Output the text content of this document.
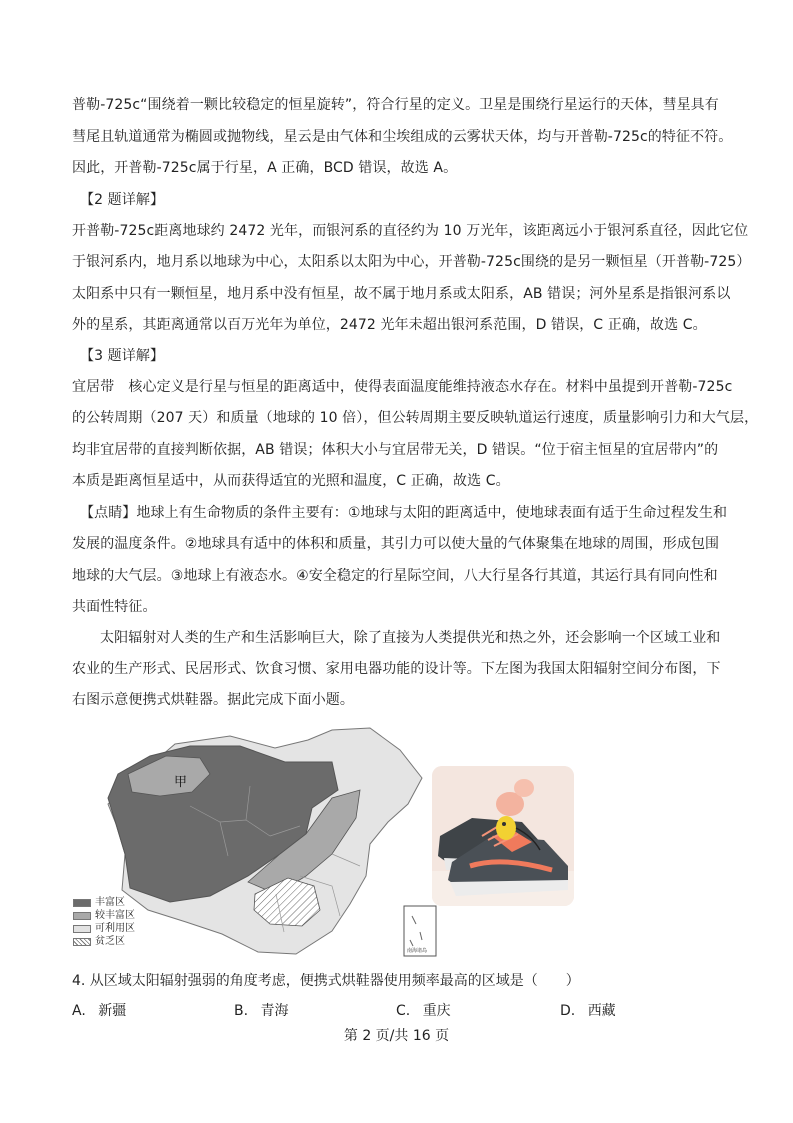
普勒-725c“围绕着一颗比较稳定的恒星旋转”，符合行星的定义。卫星是围绕行星运行的天体，彗星具有
彗尾且轨道通常为椭圆或抛物线，星云是由气体和尘埃组成的云雾状天体，均与开普勒-725c的特征不符。
因此，开普勒-725c属于行星，A 正确，BCD 错误，故选 A。
【2 题详解】
开普勒-725c距离地球约 2472 光年，而银河系的直径约为 10 万光年，该距离远小于银河系直径，因此它位
于银河系内，地月系以地球为中心，太阳系以太阳为中心，开普勒-725c围绕的是另一颗恒星（开普勒-725）
太阳系中只有一颗恒星，地月系中没有恒星，故不属于地月系或太阳系，AB 错误；河外星系是指银河系以
外的星系，其距离通常以百万光年为单位，2472 光年未超出银河系范围，D 错误，C 正确，故选 C。
【3 题详解】
宜居带　核心定义是行星与恒星的距离适中，使得表面温度能维持液态水存在。材料中虽提到开普勒-725c
的公转周期（207 天）和质量（地球的 10 倍），但公转周期主要反映轨道运行速度，质量影响引力和大气层，
均非宜居带的直接判断依据，AB 错误；体积大小与宜居带无关，D 错误。“位于宿主恒星的宜居带内”的
本质是距离恒星适中，从而获得适宜的光照和温度，C 正确，故选 C。
【点睛】地球上有生命物质的条件主要有：①地球与太阳的距离适中，使地球表面有适于生命过程发生和
发展的温度条件。②地球具有适中的体积和质量，其引力可以使大量的气体聚集在地球的周围，形成包围
地球的大气层。③地球上有液态水。④安全稳定的行星际空间，八大行星各行其道，其运行具有同向性和
共面性特征。
太阳辐射对人类的生产和生活影响巨大，除了直接为人类提供光和热之外，还会影响一个区域工业和
农业的生产形式、民居形式、饮食习惯、家用电器功能的设计等。下左图为我国太阳辐射空间分布图，下
右图示意便携式烘鞋器。据此完成下面小题。
甲
南海诸岛
丰富区
较丰富区
可利用区
贫乏区
4. 从区域太阳辐射强弱的角度考虑，便携式烘鞋器使用频率最高的区域是（　　）
A. 新疆	B. 青海	C. 重庆	D. 西藏
第 2 页/共 16 页
